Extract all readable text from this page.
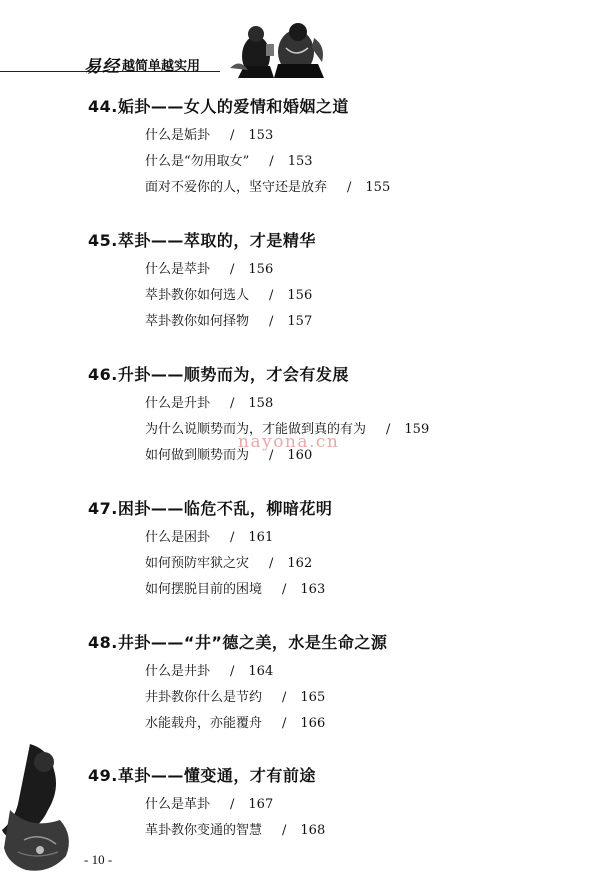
易经 越简单越实用
44.姤卦——女人的爱情和婚姻之道
什么是姤卦 / 153
什么是“勿用取女” / 153
面对不爱你的人，坚守还是放弃 / 155
45.萃卦——萃取的，才是精华
什么是萃卦 / 156
萃卦教你如何选人 / 156
萃卦教你如何择物 / 157
46.升卦——顺势而为，才会有发展
什么是升卦 / 158
为什么说顺势而为，才能做到真的有为 / 159
如何做到顺势而为 / 160
47.困卦——临危不乱，柳暗花明
什么是困卦 / 161
如何预防牢狱之灾 / 162
如何摆脱目前的困境 / 163
48.井卦——“井”德之美，水是生命之源
什么是井卦 / 164
井卦教你什么是节约 / 165
水能载舟，亦能覆舟 / 166
49.革卦——懂变通，才有前途
什么是革卦 / 167
革卦教你变通的智慧 / 168
nayona.cn
- 10 -
